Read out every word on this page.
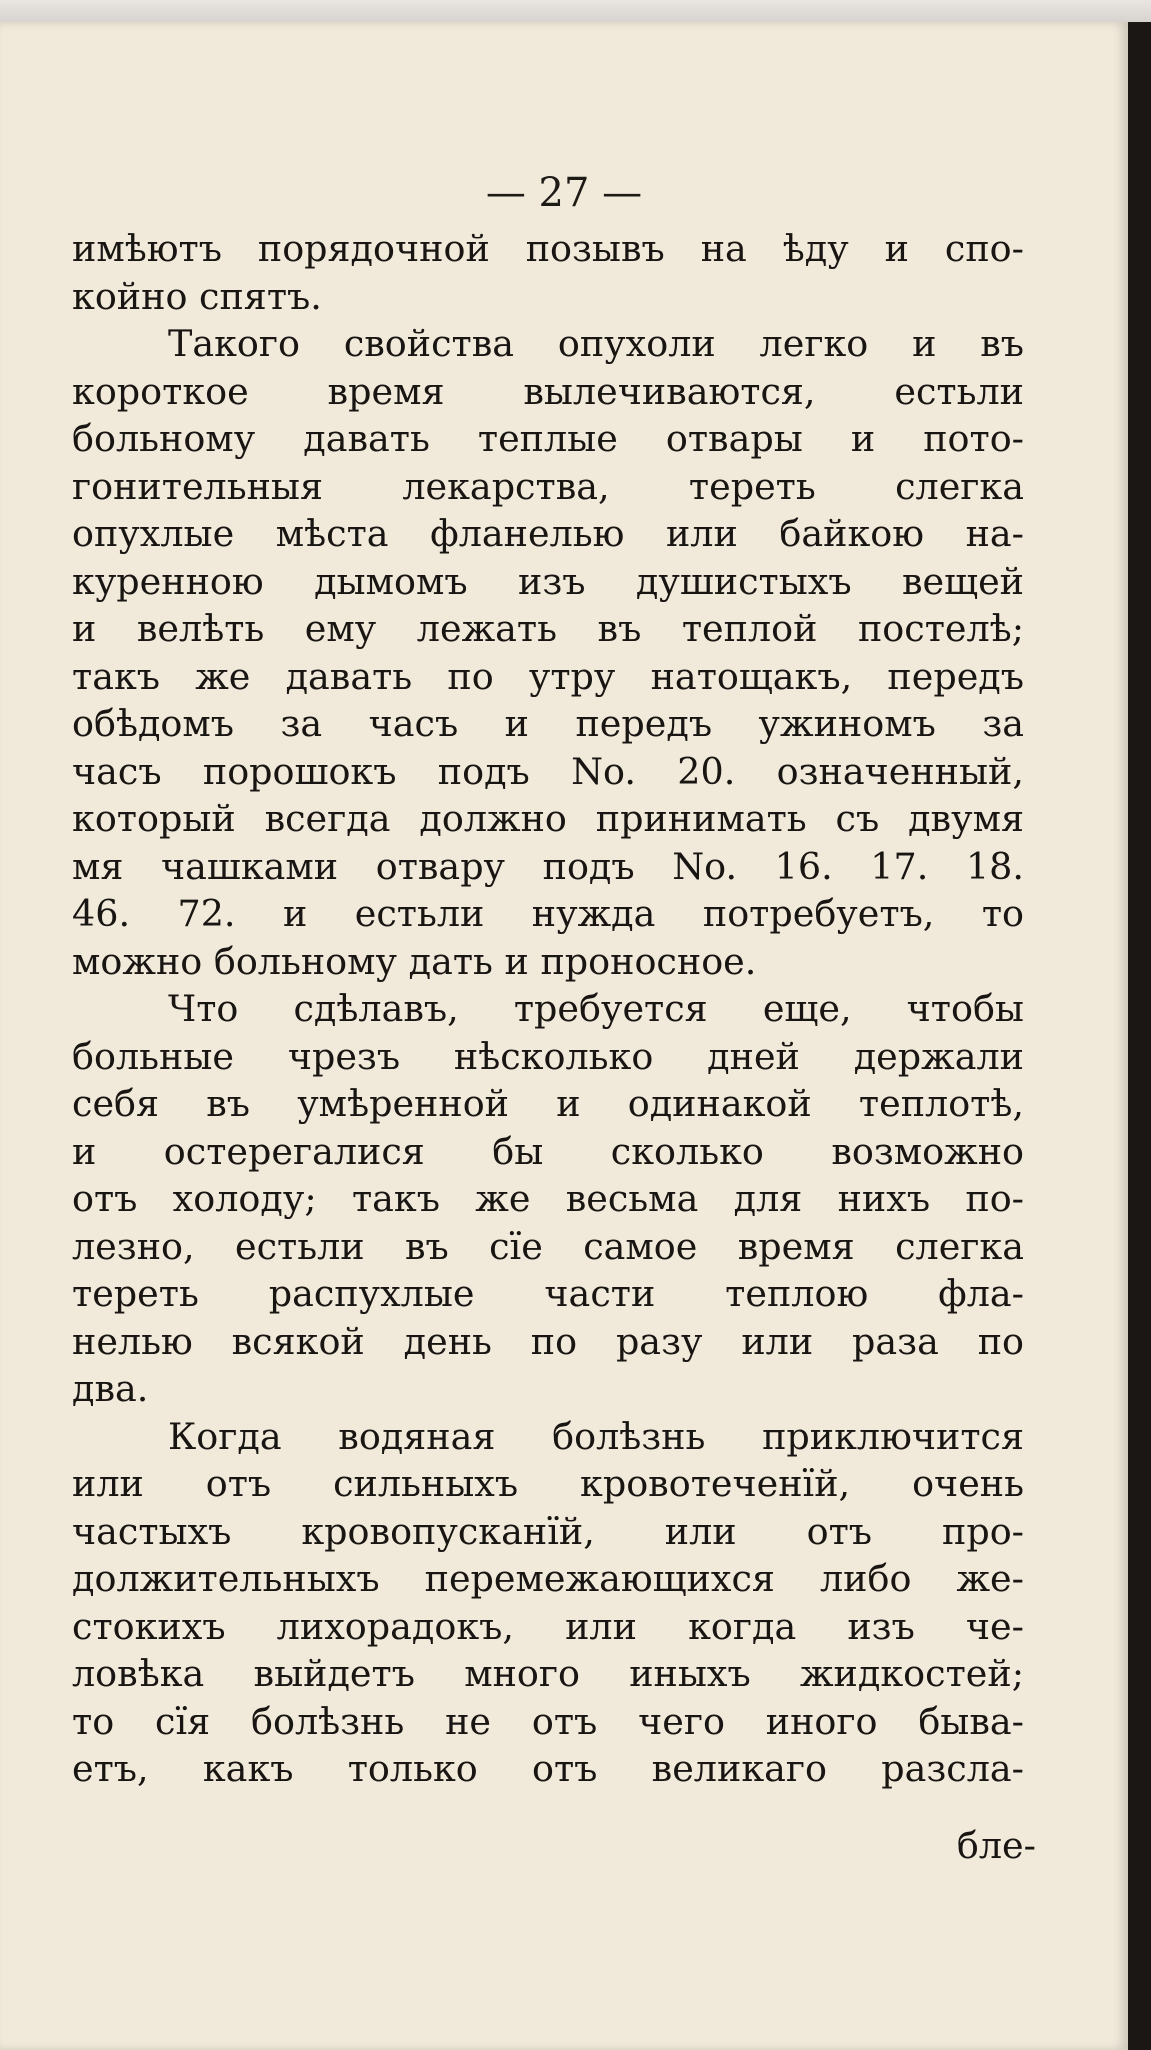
— 27 —

имѣютъ порядочной позывъ на ѣду и спо-

койно спятъ.

Такого свойства опухоли легко и въ

короткое время вылечиваются, естьли

больному давать теплые отвары и пото-

гонительныя лекарства, тереть слегка

опухлые мѣста фланелью или байкою на-

куренною дымомъ изъ душистыхъ вещей

и велѣть ему лежать въ теплой постелѣ;

такъ же давать по утру натощакъ, передъ

обѣдомъ за часъ и передъ ужиномъ за

часъ порошокъ подъ No. 20. означенный,

который всегда должно принимать съ двумя

мя чашками отвару подъ No. 16. 17. 18.

46. 72. и естьли нужда потребуетъ, то

можно больному дать и проносное.

Что сдѣлавъ, требуется еще, чтобы

больные чрезъ нѣсколько дней держали

себя въ умѣренной и одинакой теплотѣ,

и остерегалися бы сколько возможно

отъ холоду; такъ же весьма для нихъ по-

лезно, естьли въ сїе самое время слегка

тереть распухлые части теплою фла-

нелью всякой день по разу или раза по

два.

Когда водяная болѣзнь приключится

или отъ сильныхъ кровотеченїй, очень

частыхъ кровопусканїй, или отъ про-

должительныхъ перемежающихся либо же-

стокихъ лихорадокъ, или когда изъ че-

ловѣка выйдетъ много иныхъ жидкостей;

то сїя болѣзнь не отъ чего иного быва-

етъ, какъ только отъ великаго разсла-

бле-
